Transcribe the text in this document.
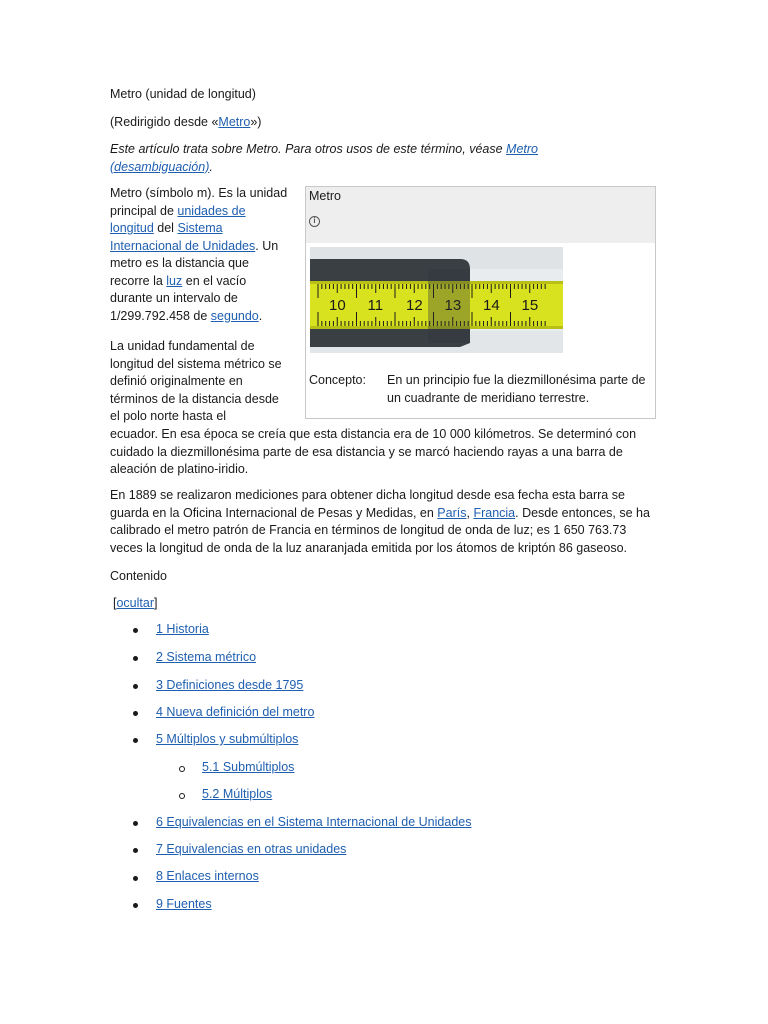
Metro (unidad de longitud)

(Redirigido desde «Metro»)

Este artículo trata sobre Metro. Para otros usos de este término, véase Metro (desambiguación).

Metro (símbolo m). Es la unidad principal de unidades de longitud del Sistema Internacional de Unidades. Un metro es la distancia que recorre la luz en el vacío durante un intervalo de 1/299.792.458 de segundo.

La unidad fundamental de longitud del sistema métrico se definió originalmente en términos de la distancia desde el polo norte hasta el

ecuador. En esa época se creía que esta distancia era de 10 000 kilómetros. Se determinó con cuidado la diezmillonésima parte de esa distancia y se marcó haciendo rayas a una barra de aleación de platino-iridio.

En 1889 se realizaron mediciones para obtener dicha longitud desde esa fecha esta barra se guarda en la Oficina Internacional de Pesas y Medidas, en París, Francia. Desde entonces, se ha calibrado el metro patrón de Francia en términos de longitud de onda de luz; es 1 650 763.73 veces la longitud de onda de la luz anaranjada emitida por los átomos de kriptón 86 gaseoso.

Metro
i
10 11 12 13 14 15
Concepto: En un principio fue la diezmillonésima parte de un cuadrante de meridiano terrestre.

Contenido

[ocultar]

1 Historia
2 Sistema métrico
3 Definiciones desde 1795
4 Nueva definición del metro
5 Múltiplos y submúltiplos
5.1 Submúltiplos
5.2 Múltiplos
6 Equivalencias en el Sistema Internacional de Unidades
7 Equivalencias en otras unidades
8 Enlaces internos
9 Fuentes
